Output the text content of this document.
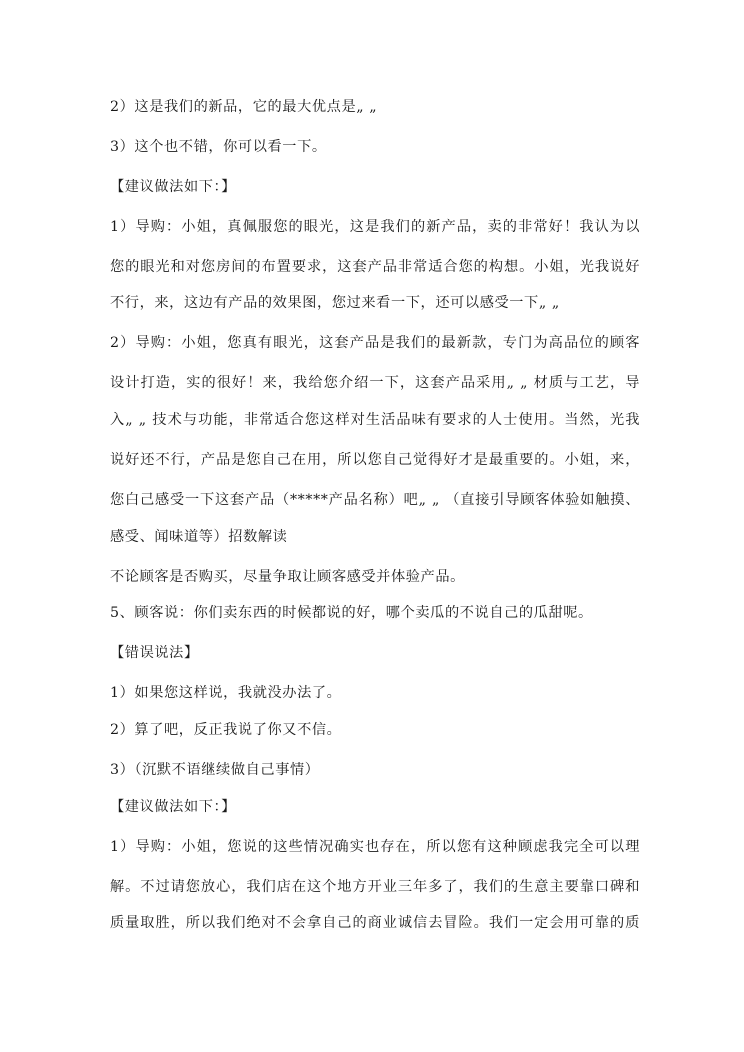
2）这是我们的新品，它的最大优点是„ „
3）这个也不错，你可以看一下。
【建议做法如下：】
1）导购：小姐，真佩服您的眼光，这是我们的新产品，卖的非常好！我认为以
您的眼光和对您房间的布置要求，这套产品非常适合您的构想。小姐，光我说好
不行，来，这边有产品的效果图，您过来看一下，还可以感受一下„ „
2）导购：小姐，您真有眼光，这套产品是我们的最新款，专门为高品位的顾客
设计打造，实的很好！来，我给您介绍一下，这套产品采用„ „ 材质与工艺，导
入„ „ 技术与功能，非常适合您这样对生活品味有要求的人士使用。当然，光我
说好还不行，产品是您自己在用，所以您自己觉得好才是最重要的。小姐，来，
您白己感受一下这套产品（*****产品名称）吧„ „ （直接引导顾客体验如触摸、
感受、闻味道等）招数解读
不论顾客是否购买，尽量争取让顾客感受并体验产品。
5、顾客说：你们卖东西的时候都说的好，哪个卖瓜的不说自己的瓜甜呢。
【错误说法】
1）如果您这样说，我就没办法了。
2）算了吧，反正我说了你又不信。
3）（沉默不语继续做自己事情）
【建议做法如下：】
1）导购：小姐，您说的这些情况确实也存在，所以您有这种顾虑我完全可以理
解。不过请您放心，我们店在这个地方开业三年多了，我们的生意主要靠口碑和
质量取胜，所以我们绝对不会拿自己的商业诚信去冒险。我们一定会用可靠的质
